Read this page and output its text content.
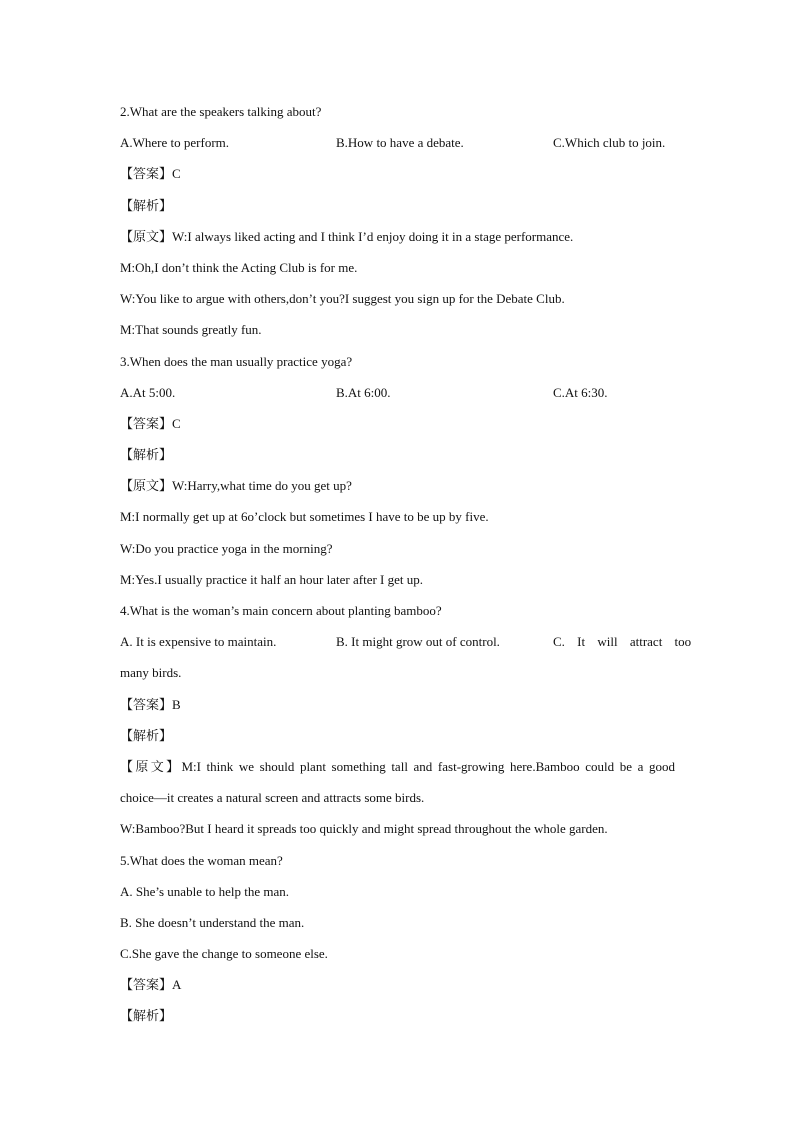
2.What are the speakers talking about?
A.Where to perform.	B.How to have a debate.	C.Which club to join.
【答案】C
【解析】
【原文】W:I always liked acting and I think I’d enjoy doing it in a stage performance.
M:Oh,I don’t think the Acting Club is for me.
W:You like to argue with others,don’t you?I suggest you sign up for the Debate Club.
M:That sounds greatly fun.
3.When does the man usually practice yoga?
A.At 5:00.	B.At 6:00.	C.At 6:30.
【答案】C
【解析】
【原文】W:Harry,what time do you get up?
M:I normally get up at 6o’clock but sometimes I have to be up by five.
W:Do you practice yoga in the morning?
M:Yes.I usually practice it half an hour later after I get up.
4.What is the woman’s main concern about planting bamboo?
A. It is expensive to maintain.	B. It might grow out of control.	C. It will attract too
many birds.
【答案】B
【解析】
【原文】M:I think we should plant something tall and fast-growing here.Bamboo could be a good
choice—it creates a natural screen and attracts some birds.
W:Bamboo?But I heard it spreads too quickly and might spread throughout the whole garden.
5.What does the woman mean?
A. She’s unable to help the man.
B. She doesn’t understand the man.
C.She gave the change to someone else.
【答案】A
【解析】
